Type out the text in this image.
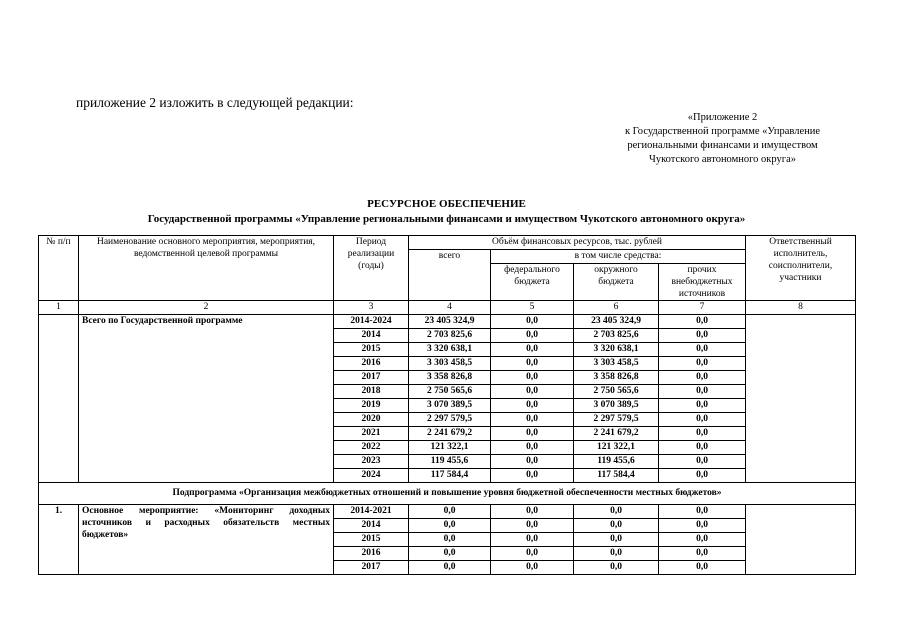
приложение 2 изложить в следующей редакции:
«Приложение 2
к Государственной программе «Управление
региональными финансами и имуществом
Чукотского автономного округа»
РЕСУРСНОЕ ОБЕСПЕЧЕНИЕ
Государственной программы «Управление региональными финансами и имуществом Чукотского автономного округа»
№ п/п	Наименование основного мероприятия, мероприятия, ведомственной целевой программы	Период реализации (годы)	Объём финансовых ресурсов, тыс. рублей				Ответственный исполнитель, соисполнители, участники
			всего	в том числе средства:			
				федерального бюджета	окружного бюджета	прочих внебюджетных источников	
1	2	3	4	5	6	7	8
	Всего по Государственной программе	2014-2024	23 405 324,9	0,0	23 405 324,9	0,0	
		2014	2 703 825,6	0,0	2 703 825,6	0,0	
		2015	3 320 638,1	0,0	3 320 638,1	0,0	
		2016	3 303 458,5	0,0	3 303 458,5	0,0	
		2017	3 358 826,8	0,0	3 358 826,8	0,0	
		2018	2 750 565,6	0,0	2 750 565,6	0,0	
		2019	3 070 389,5	0,0	3 070 389,5	0,0	
		2020	2 297 579,5	0,0	2 297 579,5	0,0	
		2021	2 241 679,2	0,0	2 241 679,2	0,0	
		2022	121 322,1	0,0	121 322,1	0,0	
		2023	119 455,6	0,0	119 455,6	0,0	
		2024	117 584,4	0,0	117 584,4	0,0	
Подпрограмма «Организация межбюджетных отношений и повышение уровня бюджетной обеспеченности местных бюджетов»							
1.	Основное мероприятие: «Мониторинг доходных источников и расходных обязательств местных бюджетов»	2014-2021	0,0	0,0	0,0	0,0	
		2014	0,0	0,0	0,0	0,0	
		2015	0,0	0,0	0,0	0,0	
		2016	0,0	0,0	0,0	0,0	
		2017	0,0	0,0	0,0	0,0	
